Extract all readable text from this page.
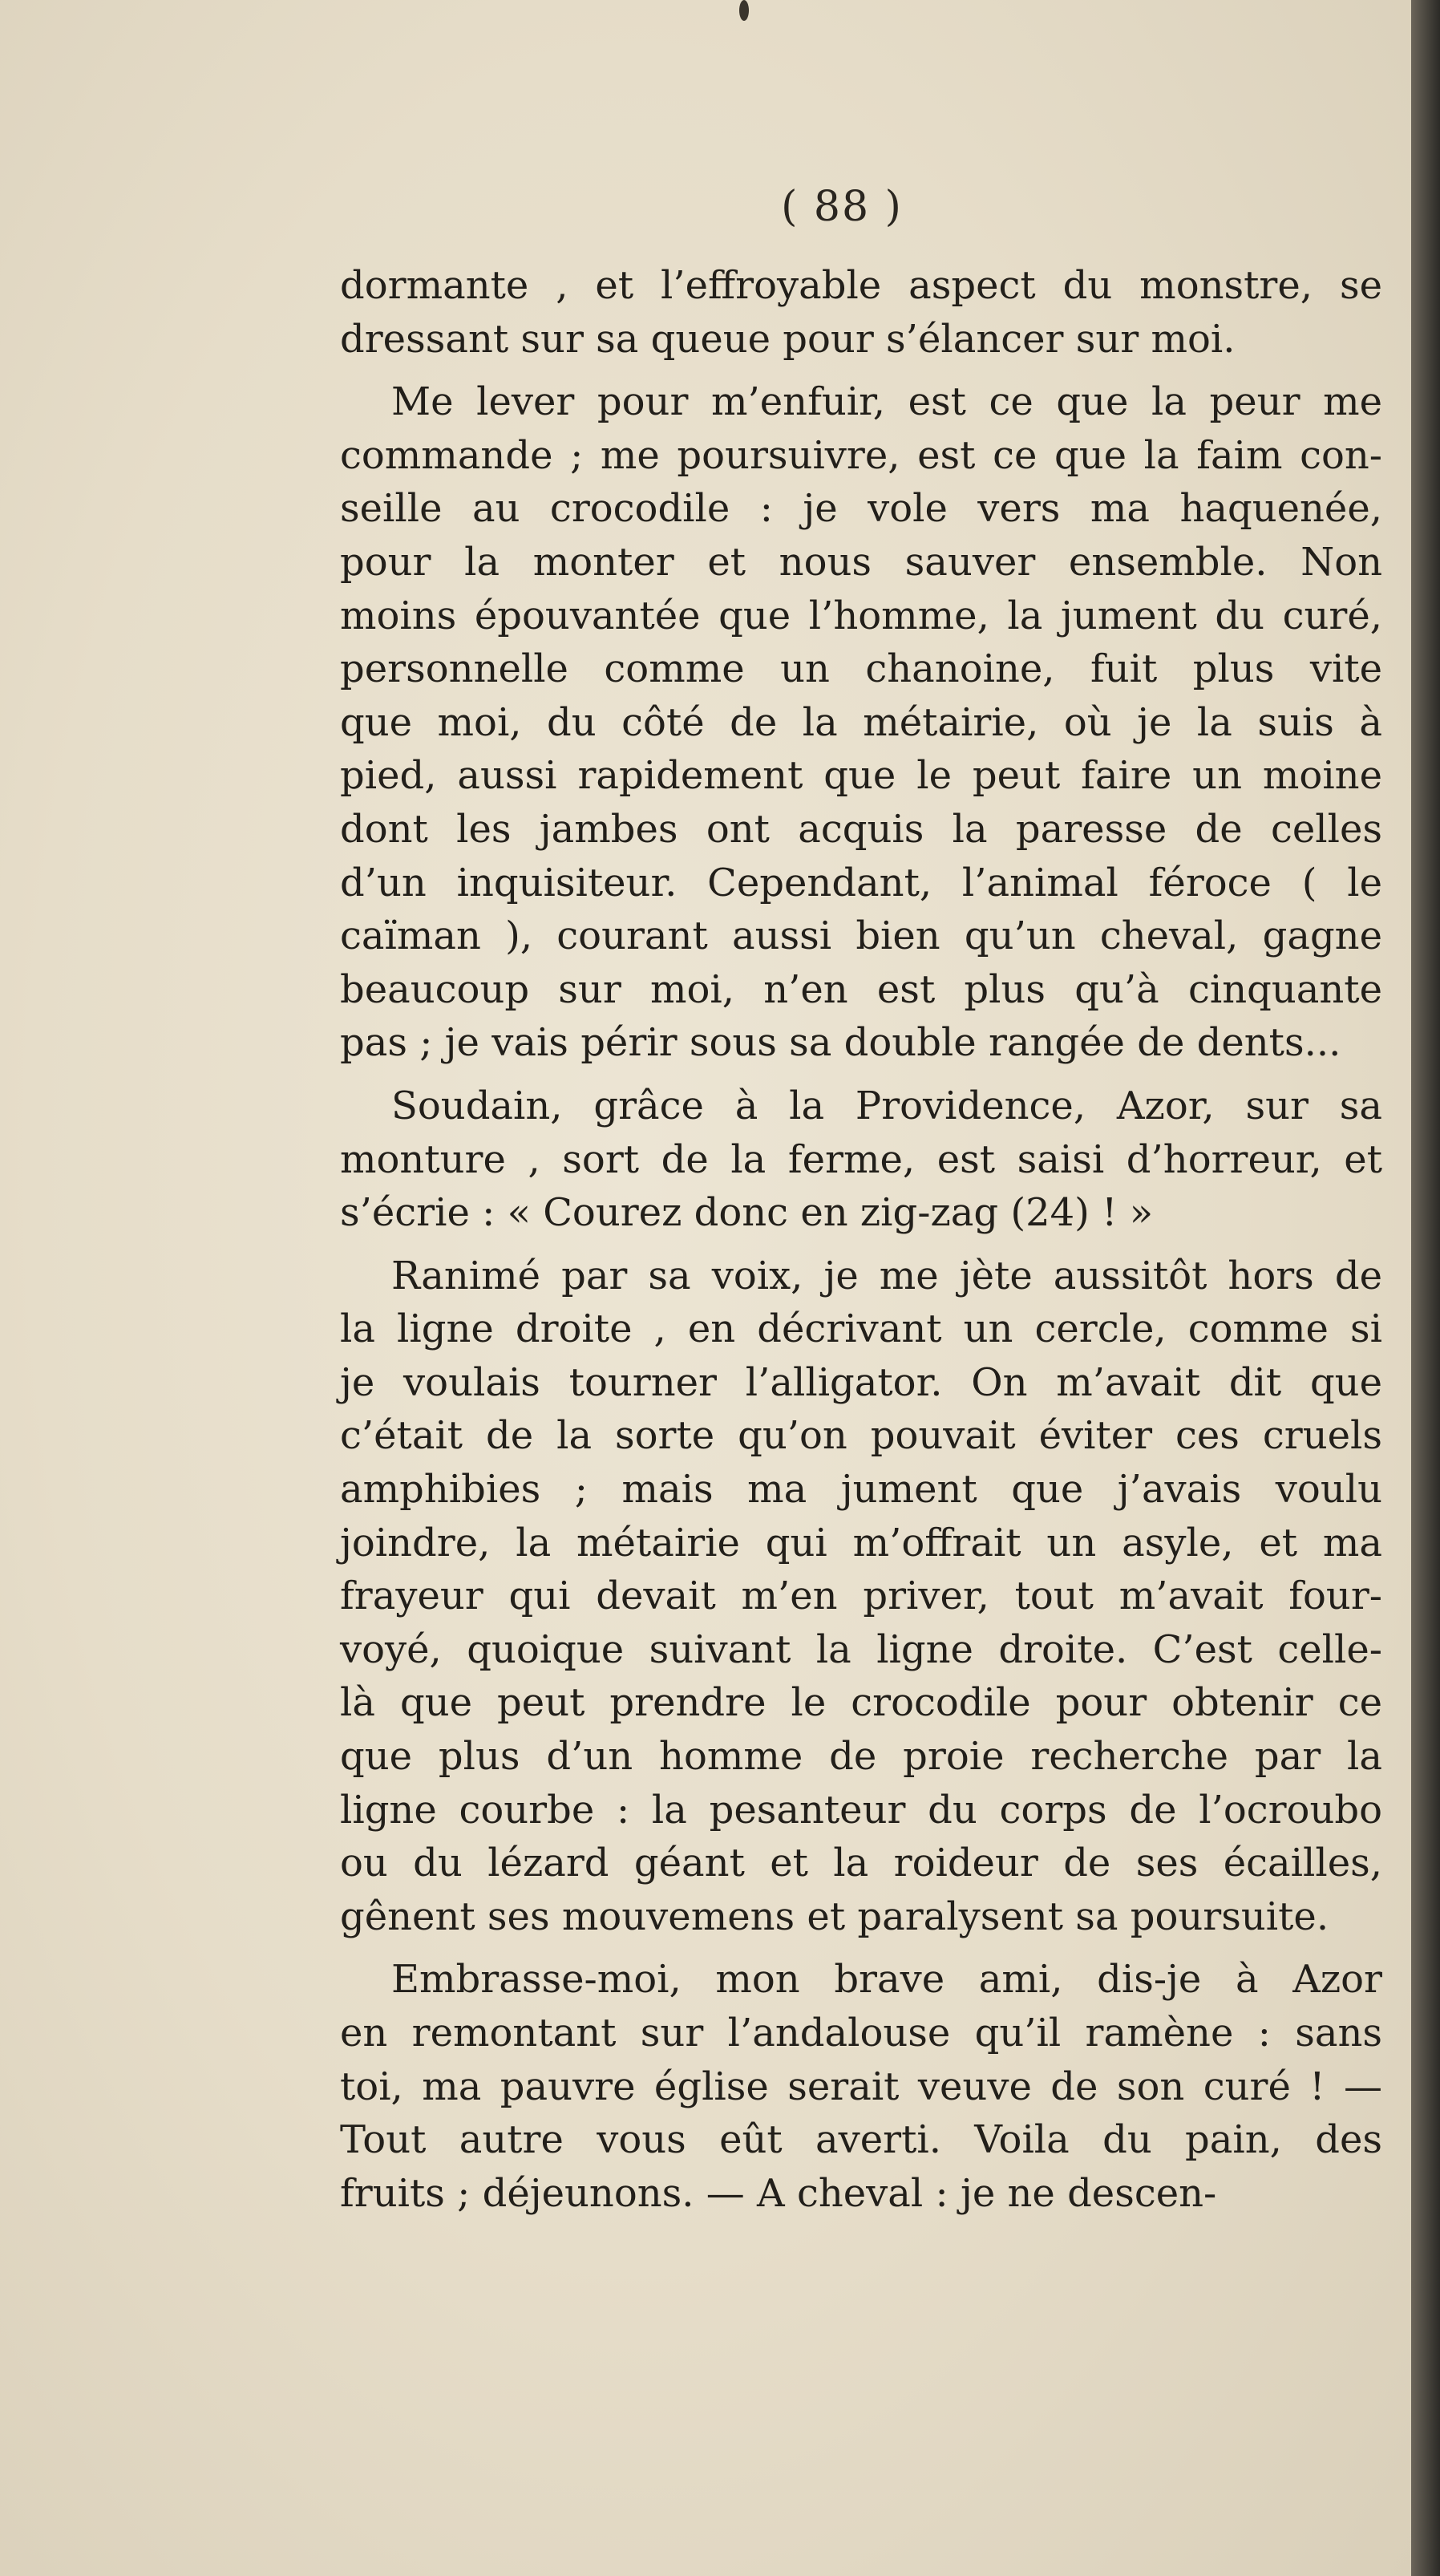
( 88 )
dormante , et l’effroyable aspect du monstre, se
dressant sur sa queue pour s’élancer sur moi.
Me lever pour m’enfuir, est ce que la peur me
commande ; me poursuivre, est ce que la faim con-
seille au crocodile : je vole vers ma haquenée,
pour la monter et nous sauver ensemble. Non
moins épouvantée que l’homme, la jument du curé,
personnelle comme un chanoine, fuit plus vite
que moi, du côté de la métairie, où je la suis à
pied, aussi rapidement que le peut faire un moine
dont les jambes ont acquis la paresse de celles
d’un inquisiteur. Cependant, l’animal féroce ( le
caïman ), courant aussi bien qu’un cheval, gagne
beaucoup sur moi, n’en est plus qu’à cinquante
pas ; je vais périr sous sa double rangée de dents...
Soudain, grâce à la Providence, Azor, sur sa
monture , sort de la ferme, est saisi d’horreur, et
s’écrie : « Courez donc en zig-zag (24) ! »
Ranimé par sa voix, je me jète aussitôt hors de
la ligne droite , en décrivant un cercle, comme si
je voulais tourner l’alligator. On m’avait dit que
c’était de la sorte qu’on pouvait éviter ces cruels
amphibies ; mais ma jument que j’avais voulu
joindre, la métairie qui m’offrait un asyle, et ma
frayeur qui devait m’en priver, tout m’avait four-
voyé, quoique suivant la ligne droite. C’est celle-
là que peut prendre le crocodile pour obtenir ce
que plus d’un homme de proie recherche par la
ligne courbe : la pesanteur du corps de l’ocroubo
ou du lézard géant et la roideur de ses écailles,
gênent ses mouvemens et paralysent sa poursuite.
Embrasse-moi, mon brave ami, dis-je à Azor
en remontant sur l’andalouse qu’il ramène : sans
toi, ma pauvre église serait veuve de son curé ! —
Tout autre vous eût averti. Voila du pain, des
fruits ; déjeunons. — A cheval : je ne descen-
